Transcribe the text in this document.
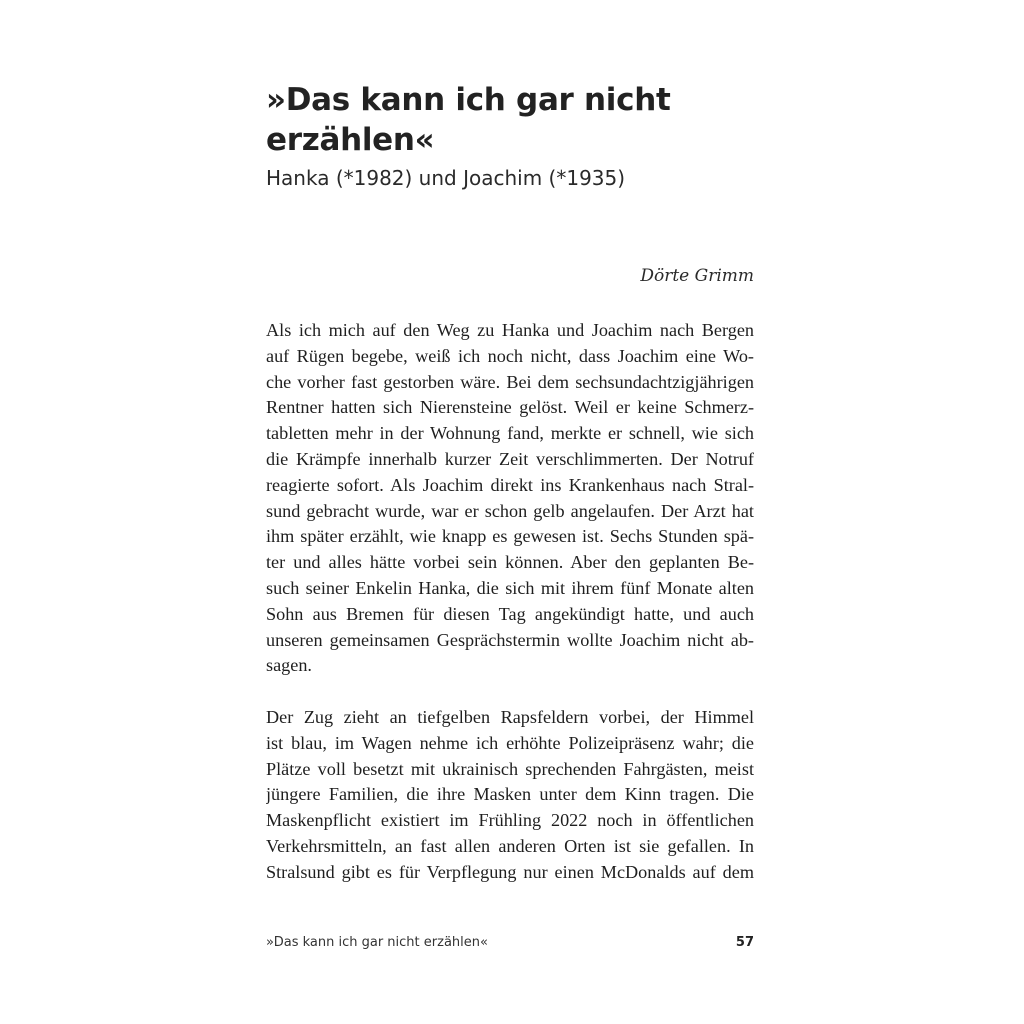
»Das kann ich gar nicht
erzählen«
Hanka (*1982) und Joachim (*1935)
Dörte Grimm

Als ich mich auf den Weg zu Hanka und Joachim nach Bergen
auf Rügen begebe, weiß ich noch nicht, dass Joachim eine Wo-
che vorher fast gestorben wäre. Bei dem sechsundachtzigjährigen
Rentner hatten sich Nierensteine gelöst. Weil er keine Schmerz-
tabletten mehr in der Wohnung fand, merkte er schnell, wie sich
die Krämpfe innerhalb kurzer Zeit verschlimmerten. Der Notruf
reagierte sofort. Als Joachim direkt ins Krankenhaus nach Stral-
sund gebracht wurde, war er schon gelb angelaufen. Der Arzt hat
ihm später erzählt, wie knapp es gewesen ist. Sechs Stunden spä-
ter und alles hätte vorbei sein können. Aber den geplanten Be-
such seiner Enkelin Hanka, die sich mit ihrem fünf Monate alten
Sohn aus Bremen für diesen Tag angekündigt hatte, und auch
unseren gemeinsamen Gesprächstermin wollte Joachim nicht ab-
sagen.

Der Zug zieht an tiefgelben Rapsfeldern vorbei, der Himmel
ist blau, im Wagen nehme ich erhöhte Polizeipräsenz wahr; die
Plätze voll besetzt mit ukrainisch sprechenden Fahrgästen, meist
jüngere Familien, die ihre Masken unter dem Kinn tragen. Die
Maskenpflicht existiert im Frühling 2022 noch in öffentlichen
Verkehrsmitteln, an fast allen anderen Orten ist sie gefallen. In
Stralsund gibt es für Verpflegung nur einen McDonalds auf dem

»Das kann ich gar nicht erzählen«	57
